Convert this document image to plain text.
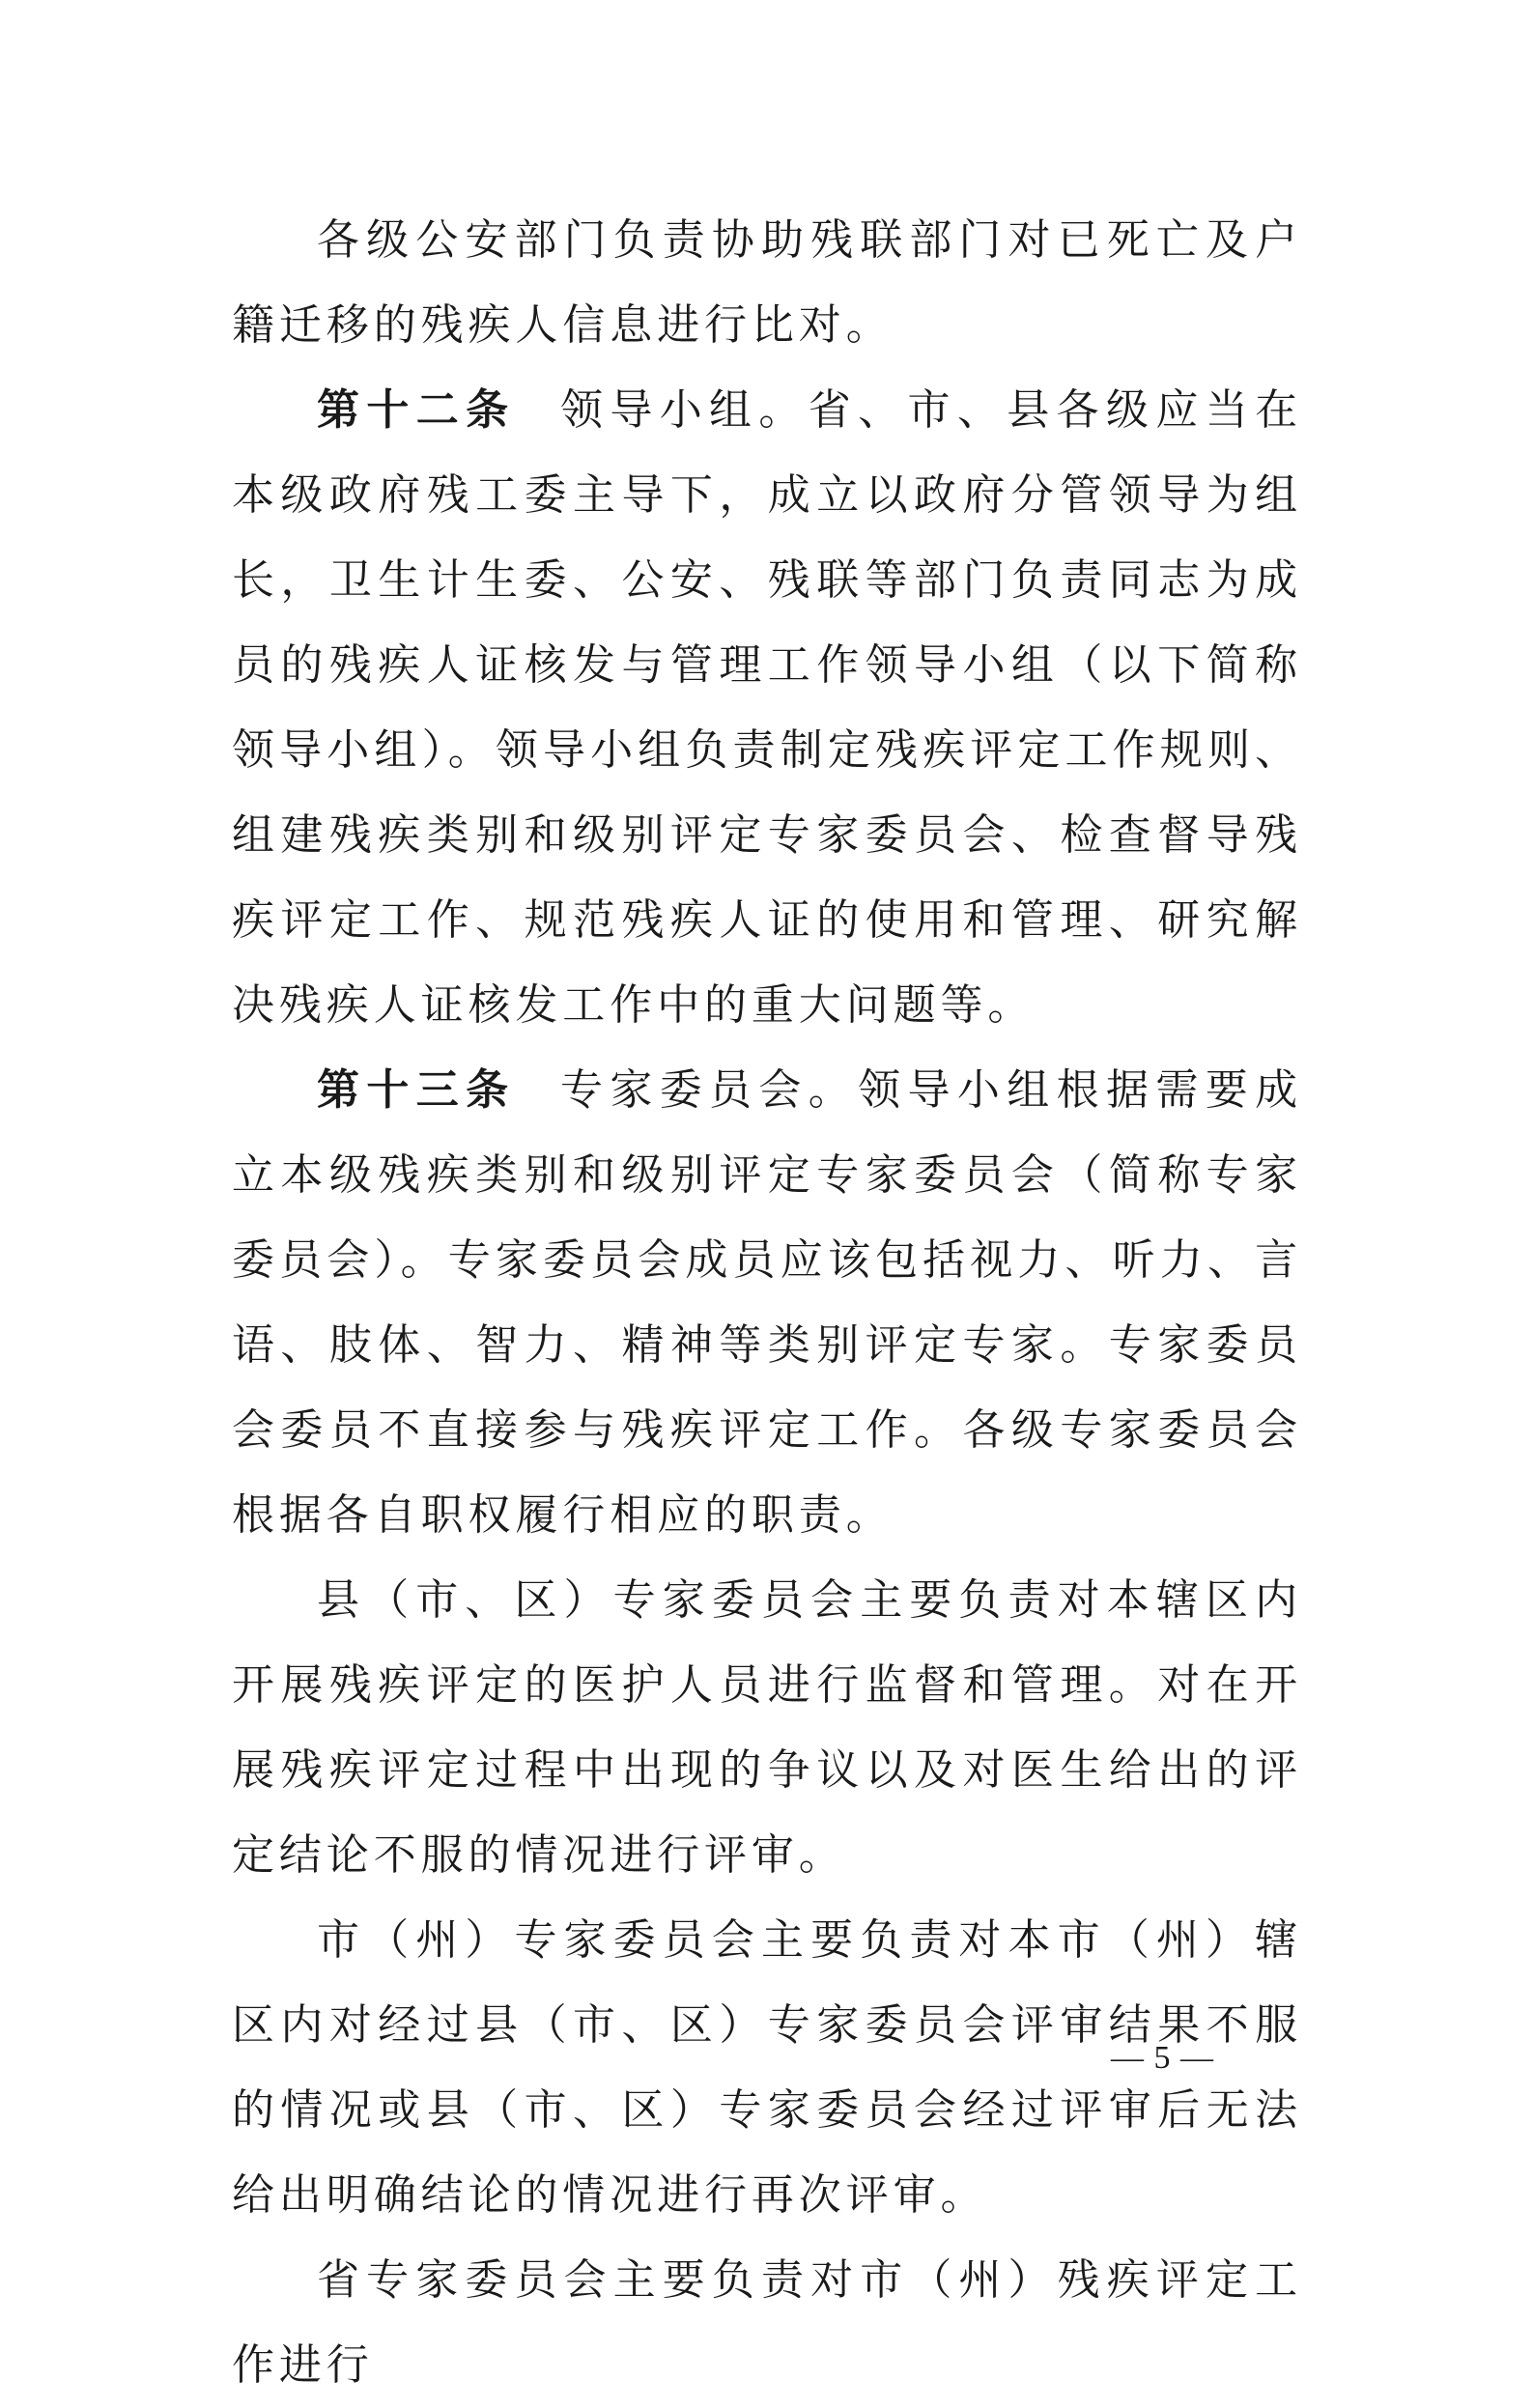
各级公安部门负责协助残联部门对已死亡及户籍迁移的残疾人信息进行比对。

第十二条 领导小组。省、市、县各级应当在本级政府残工委主导下，成立以政府分管领导为组长，卫生计生委、公安、残联等部门负责同志为成员的残疾人证核发与管理工作领导小组（以下简称领导小组）。领导小组负责制定残疾评定工作规则、组建残疾类别和级别评定专家委员会、检查督导残疾评定工作、规范残疾人证的使用和管理、研究解决残疾人证核发工作中的重大问题等。

第十三条 专家委员会。领导小组根据需要成立本级残疾类别和级别评定专家委员会（简称专家委员会）。专家委员会成员应该包括视力、听力、言语、肢体、智力、精神等类别评定专家。专家委员会委员不直接参与残疾评定工作。各级专家委员会根据各自职权履行相应的职责。

县（市、区）专家委员会主要负责对本辖区内开展残疾评定的医护人员进行监督和管理。对在开展残疾评定过程中出现的争议以及对医生给出的评定结论不服的情况进行评审。

市（州）专家委员会主要负责对本市（州）辖区内对经过县（市、区）专家委员会评审结果不服的情况或县（市、区）专家委员会经过评审后无法给出明确结论的情况进行再次评审。

省专家委员会主要负责对市（州）残疾评定工作进行

— 5 —
